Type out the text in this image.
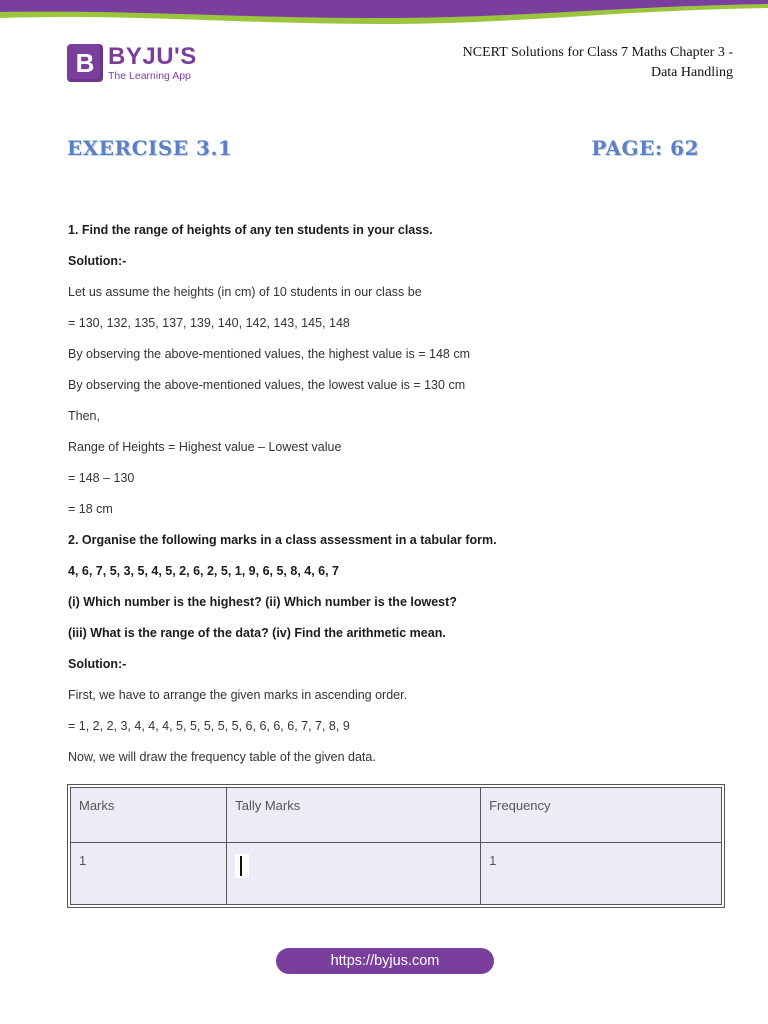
B BYJU'S
The Learning App
NCERT Solutions for Class 7 Maths Chapter 3 -
Data Handling
EXERCISE 3.1	PAGE: 62
1. Find the range of heights of any ten students in your class.
Solution:-
Let us assume the heights (in cm) of 10 students in our class be
= 130, 132, 135, 137, 139, 140, 142, 143, 145, 148
By observing the above-mentioned values, the highest value is = 148 cm
By observing the above-mentioned values, the lowest value is = 130 cm
Then,
Range of Heights = Highest value – Lowest value
= 148 – 130
= 18 cm
2. Organise the following marks in a class assessment in a tabular form.
4, 6, 7, 5, 3, 5, 4, 5, 2, 6, 2, 5, 1, 9, 6, 5, 8, 4, 6, 7
(i) Which number is the highest? (ii) Which number is the lowest?
(iii) What is the range of the data? (iv) Find the arithmetic mean.
Solution:-
First, we have to arrange the given marks in ascending order.
= 1, 2, 2, 3, 4, 4, 4, 5, 5, 5, 5, 5, 6, 6, 6, 6, 7, 7, 8, 9
Now, we will draw the frequency table of the given data.
Marks	Tally Marks	Frequency
1		1
https://byjus.com
